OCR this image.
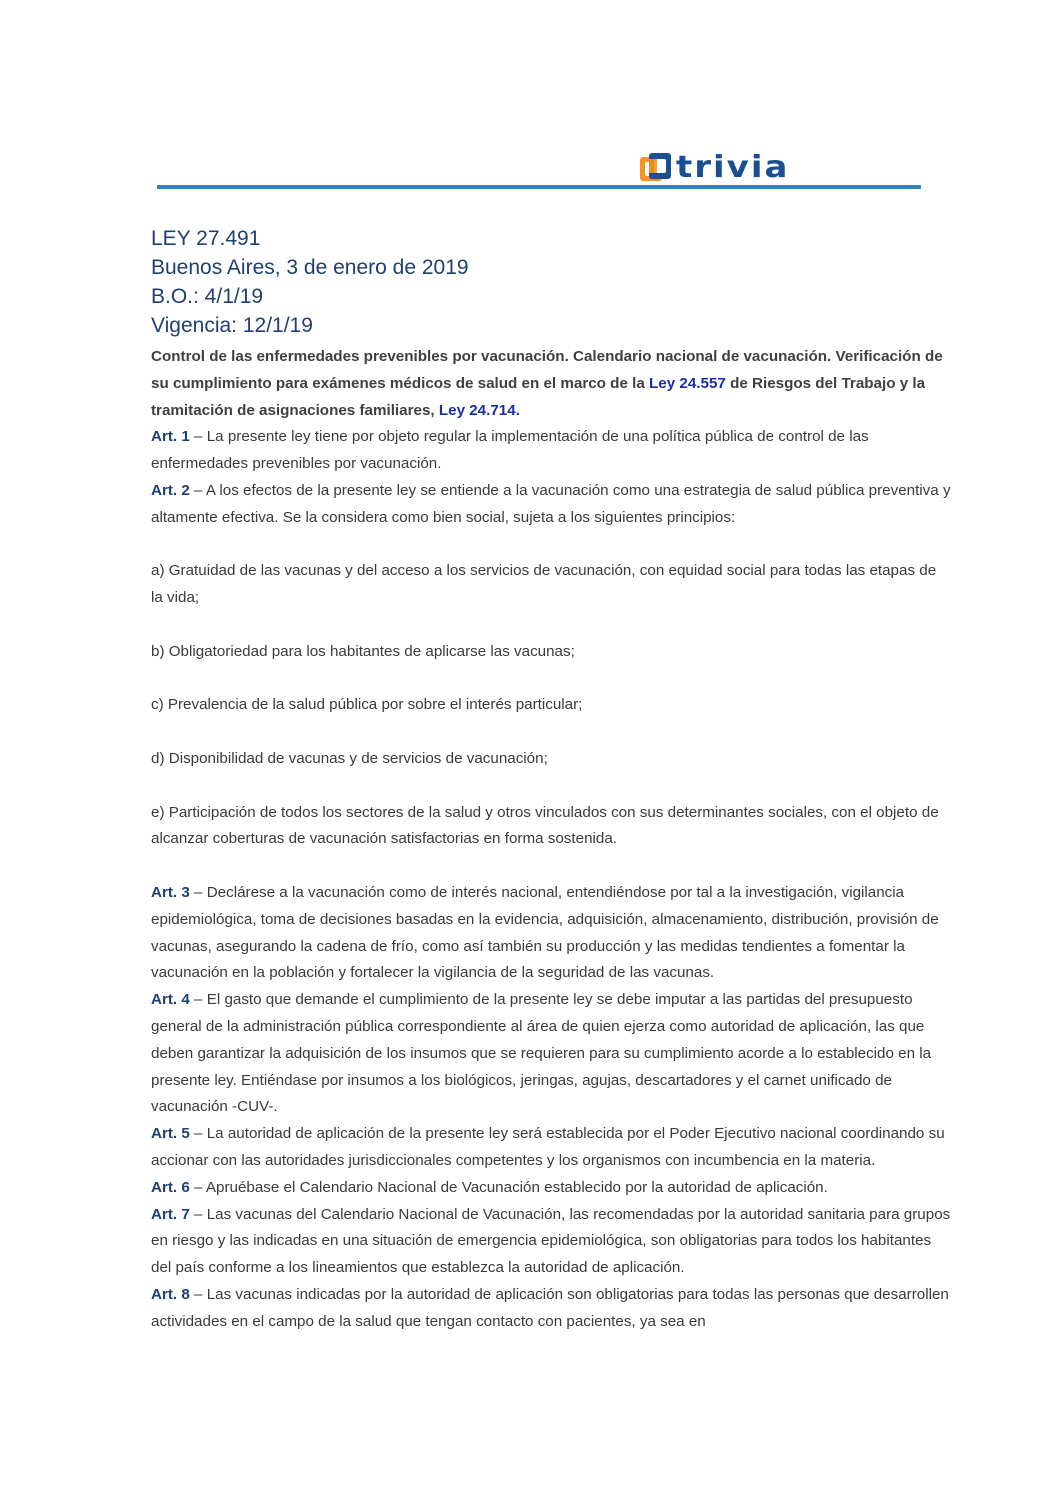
trivia

LEY 27.491

Buenos Aires, 3 de enero de 2019

B.O.: 4/1/19

Vigencia: 12/1/19

Control de las enfermedades prevenibles por vacunación. Calendario nacional de vacunación. Verificación de su cumplimiento para exámenes médicos de salud en el marco de la Ley 24.557 de Riesgos del Trabajo y la tramitación de asignaciones familiares, Ley 24.714.

Art. 1 – La presente ley tiene por objeto regular la implementación de una política pública de control de las enfermedades prevenibles por vacunación.

Art. 2 – A los efectos de la presente ley se entiende a la vacunación como una estrategia de salud pública preventiva y altamente efectiva. Se la considera como bien social, sujeta a los siguientes principios:

a) Gratuidad de las vacunas y del acceso a los servicios de vacunación, con equidad social para todas las etapas de la vida;

b) Obligatoriedad para los habitantes de aplicarse las vacunas;

c) Prevalencia de la salud pública por sobre el interés particular;

d) Disponibilidad de vacunas y de servicios de vacunación;

e) Participación de todos los sectores de la salud y otros vinculados con sus determinantes sociales, con el objeto de alcanzar coberturas de vacunación satisfactorias en forma sostenida.

Art. 3 – Declárese a la vacunación como de interés nacional, entendiéndose por tal a la investigación, vigilancia epidemiológica, toma de decisiones basadas en la evidencia, adquisición, almacenamiento, distribución, provisión de vacunas, asegurando la cadena de frío, como así también su producción y las medidas tendientes a fomentar la vacunación en la población y fortalecer la vigilancia de la seguridad de las vacunas.

Art. 4 – El gasto que demande el cumplimiento de la presente ley se debe imputar a las partidas del presupuesto general de la administración pública correspondiente al área de quien ejerza como autoridad de aplicación, las que deben garantizar la adquisición de los insumos que se requieren para su cumplimiento acorde a lo establecido en la presente ley. Entiéndase por insumos a los biológicos, jeringas, agujas, descartadores y el carnet unificado de vacunación -CUV-.

Art. 5 – La autoridad de aplicación de la presente ley será establecida por el Poder Ejecutivo nacional coordinando su accionar con las autoridades jurisdiccionales competentes y los organismos con incumbencia en la materia.

Art. 6 – Apruébase el Calendario Nacional de Vacunación establecido por la autoridad de aplicación.

Art. 7 – Las vacunas del Calendario Nacional de Vacunación, las recomendadas por la autoridad sanitaria para grupos en riesgo y las indicadas en una situación de emergencia epidemiológica, son obligatorias para todos los habitantes del país conforme a los lineamientos que establezca la autoridad de aplicación.

Art. 8 – Las vacunas indicadas por la autoridad de aplicación son obligatorias para todas las personas que desarrollen actividades en el campo de la salud que tengan contacto con pacientes, ya sea en
